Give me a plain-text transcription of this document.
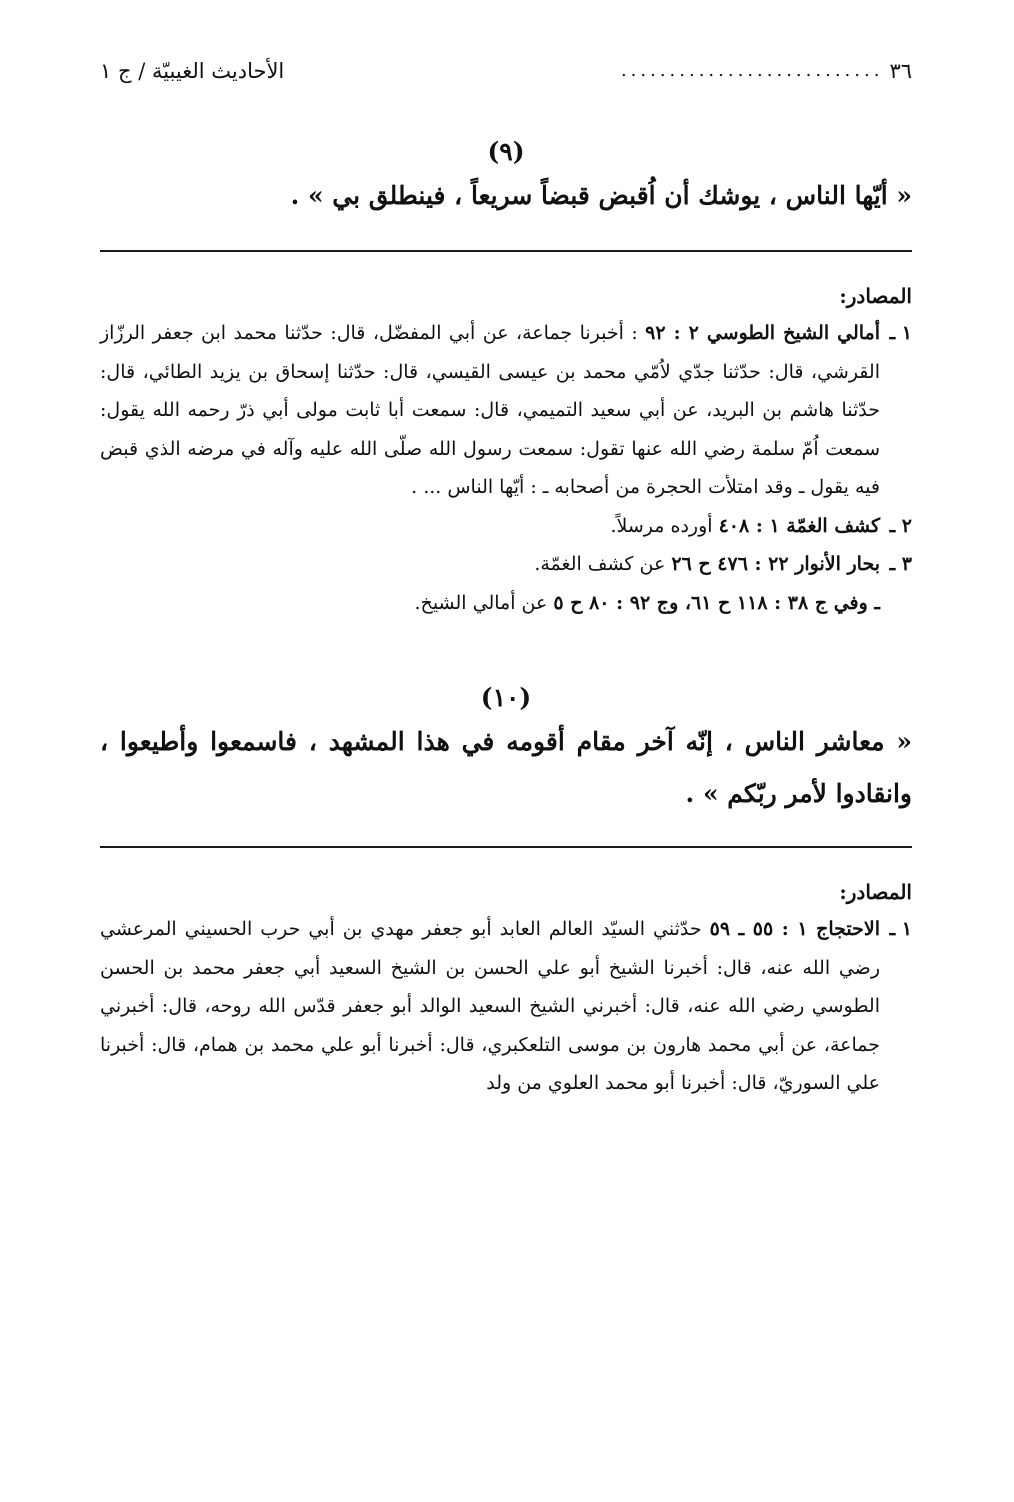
٣٦
...........................
الأحاديث الغيبيّة / ج ١
(٩)

« أيّها الناس ، يوشك أن اُقبض قبضاً سريعاً ، فينطلق بي » .

المصادر:

١ ـ
أمالي الشيخ الطوسي ٢ : ٩٢ : أخبرنا جماعة، عن أبي المفضّل، قال: حدّثنا محمد ابن جعفر الرزّاز القرشي، قال: حدّثنا جدّي لاُمّي محمد بن عيسى القيسي، قال: حدّثنا إسحاق بن يزيد الطائي، قال: حدّثنا هاشم بن البريد، عن أبي سعيد التميمي، قال: سمعت أبا ثابت مولى أبي ذرّ رحمه الله يقول: سمعت اُمّ سلمة رضي الله عنها تقول: سمعت رسول الله صلّى الله عليه وآله في مرضه الذي قبض فيه يقول ـ وقد امتلأت الحجرة من أصحابه ـ : أيّها الناس ... .

٢ ـ
كشف الغمّة ١ : ٤٠٨ أورده مرسلاً.

٣ ـ
بحار الأنوار ٢٢ : ٤٧٦ ح ٢٦ عن كشف الغمّة.

ـ وفي ج ٣٨ : ١١٨ ح ٦١، وج ٩٢ : ٨٠ ح ٥ عن أمالي الشيخ.

(١٠)

« معاشر الناس ، إنّه آخر مقام أقومه في هذا المشهد ، فاسمعوا وأطيعوا ، وانقادوا لأمر ربّكم » .

المصادر:

١ ـ
الاحتجاج ١ : ٥٥ ـ ٥٩ حدّثني السيّد العالم العابد أبو جعفر مهدي بن أبي حرب الحسيني المرعشي رضي الله عنه، قال: أخبرنا الشيخ أبو علي الحسن بن الشيخ السعيد أبي جعفر محمد بن الحسن الطوسي رضي الله عنه، قال: أخبرني الشيخ السعيد الوالد أبو جعفر قدّس الله روحه، قال: أخبرني جماعة، عن أبي محمد هارون بن موسى التلعكبري، قال: أخبرنا أبو علي محمد بن همام، قال: أخبرنا علي السوريّ، قال: أخبرنا أبو محمد العلوي من ولد
